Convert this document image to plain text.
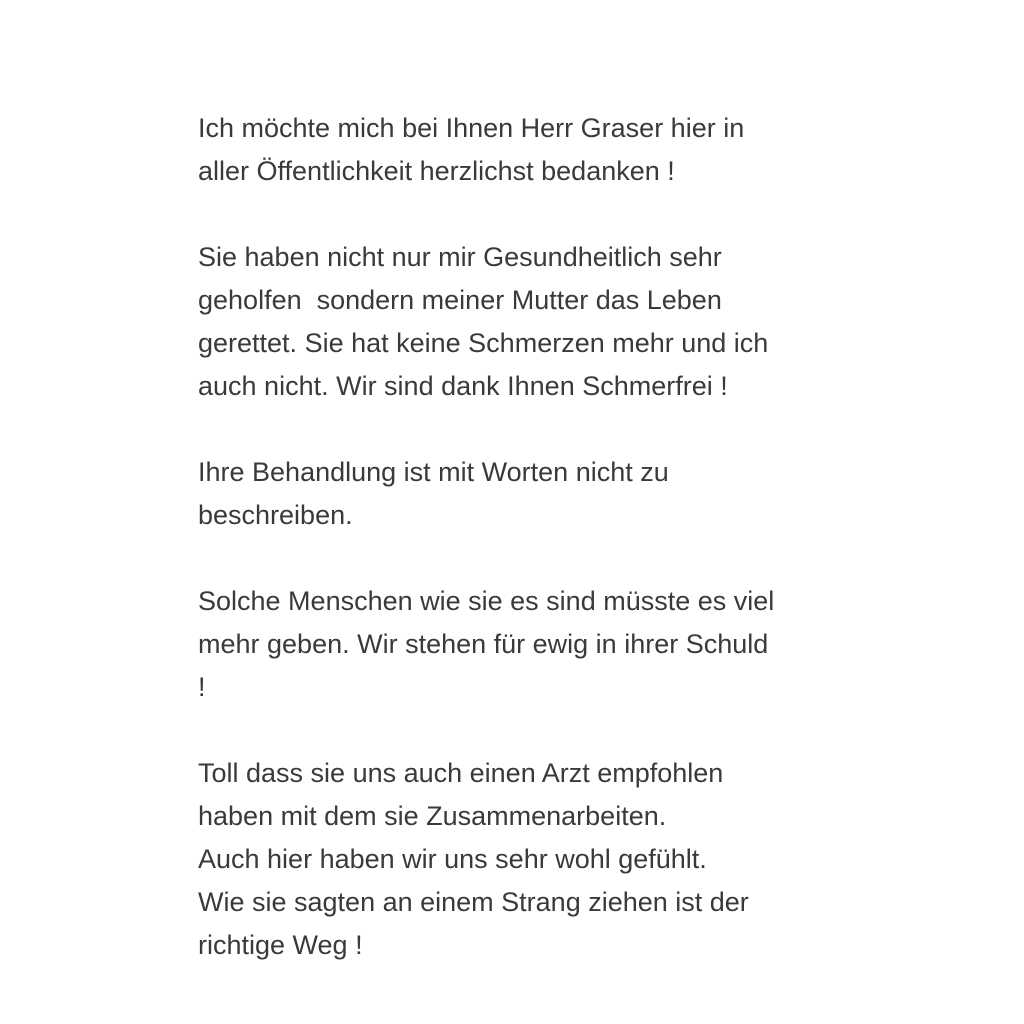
Ich möchte mich bei Ihnen Herr Graser hier in
aller Öffentlichkeit herzlichst bedanken !
Sie haben nicht nur mir Gesundheitlich sehr
geholfen  sondern meiner Mutter das Leben
gerettet. Sie hat keine Schmerzen mehr und ich
auch nicht. Wir sind dank Ihnen Schmerfrei !
Ihre Behandlung ist mit Worten nicht zu
beschreiben.
Solche Menschen wie sie es sind müsste es viel
mehr geben. Wir stehen für ewig in ihrer Schuld
!
Toll dass sie uns auch einen Arzt empfohlen
haben mit dem sie Zusammenarbeiten.
Auch hier haben wir uns sehr wohl gefühlt.
Wie sie sagten an einem Strang ziehen ist der
richtige Weg !
